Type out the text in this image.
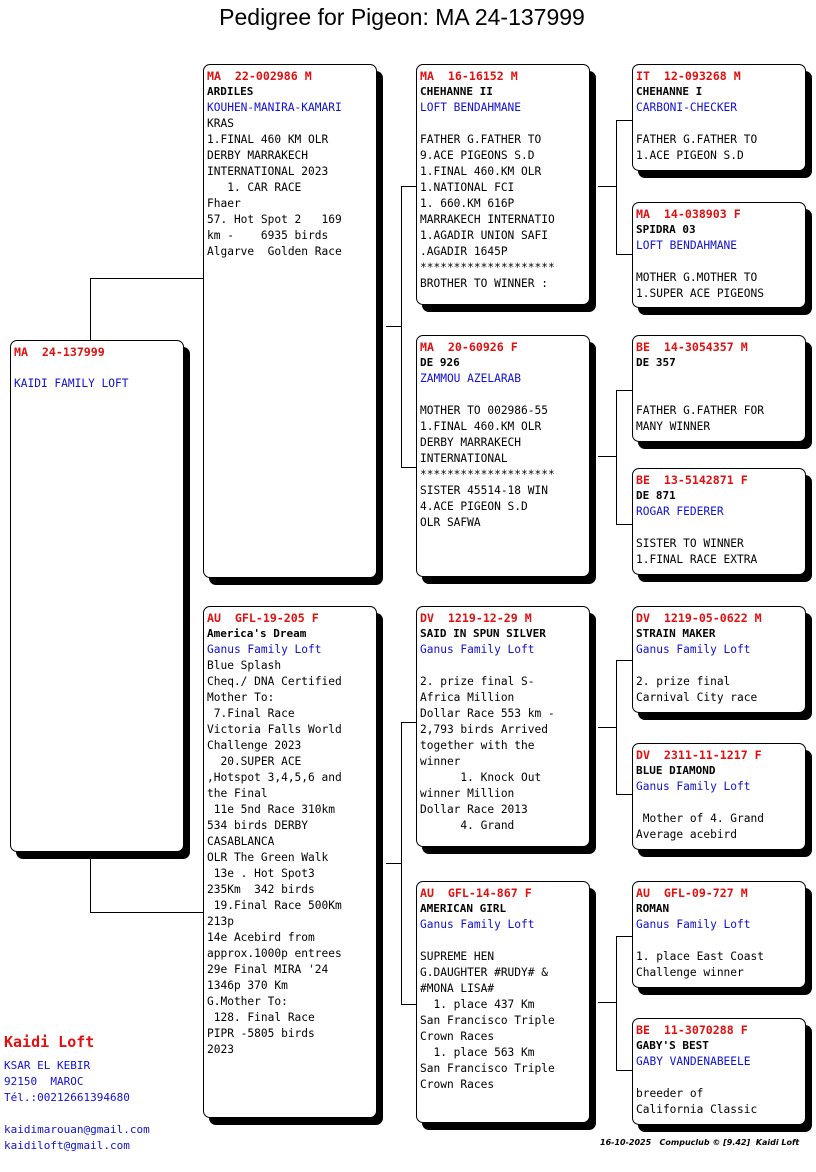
Pedigree for Pigeon: MA 24-137999
MA  24-137999
KAIDI FAMILY LOFT
MA  22-002986 M
ARDILES
KOUHEN-MANIRA-KAMARI
KRAS
1.FINAL 460 KM OLR
DERBY MARRAKECH
INTERNATIONAL 2023
1. CAR RACE
Fhaer
57. Hot Spot 2   169
km -    6935 birds
Algarve  Golden Race
AU  GFL-19-205 F
America's Dream
Ganus Family Loft
Blue Splash
Cheq./ DNA Certified
Mother To:
7.Final Race
Victoria Falls World
Challenge 2023
20.SUPER ACE
,Hotspot 3,4,5,6 and
the Final
11e 5nd Race 310km
534 birds DERBY
CASABLANCA
OLR The Green Walk
13e . Hot Spot3
235Km  342 birds
19.Final Race 500Km
213p
14e Acebird from
approx.1000p entrees
29e Final MIRA '24
1346p 370 Km
G.Mother To:
128. Final Race
PIPR -5805 birds
2023
MA  16-16152 M
CHEHANNE II
LOFT BENDAHMANE
FATHER G.FATHER TO
9.ACE PIGEONS S.D
1.FINAL 460.KM OLR
1.NATIONAL FCI
1. 660.KM 616P
MARRAKECH INTERNATIO
1.AGADIR UNION SAFI
.AGADIR 1645P
********************
BROTHER TO WINNER :
MA  20-60926 F
DE 926
ZAMMOU AZELARAB
MOTHER TO 002986-55
1.FINAL 460.KM OLR
DERBY MARRAKECH
INTERNATIONAL
********************
SISTER 45514-18 WIN
4.ACE PIGEON S.D
OLR SAFWA
DV  1219-12-29 M
SAID IN SPUN SILVER
Ganus Family Loft
2. prize final S-
Africa Million
Dollar Race 553 km -
2,793 birds Arrived
together with the
winner
1. Knock Out
winner Million
Dollar Race 2013
4. Grand
AU  GFL-14-867 F
AMERICAN GIRL
Ganus Family Loft
SUPREME HEN
G.DAUGHTER #RUDY# &
#MONA LISA#
1. place 437 Km
San Francisco Triple
Crown Races
1. place 563 Km
San Francisco Triple
Crown Races
IT  12-093268 M
CHEHANNE I
CARBONI-CHECKER
FATHER G.FATHER TO
1.ACE PIGEON S.D
MA  14-038903 F
SPIDRA 03
LOFT BENDAHMANE
MOTHER G.MOTHER TO
1.SUPER ACE PIGEONS
BE  14-3054357 M
DE 357
FATHER G.FATHER FOR
MANY WINNER
BE  13-5142871 F
DE 871
ROGAR FEDERER
SISTER TO WINNER
1.FINAL RACE EXTRA
DV  1219-05-0622 M
STRAIN MAKER
Ganus Family Loft
2. prize final
Carnival City race
DV  2311-11-1217 F
BLUE DIAMOND
Ganus Family Loft
Mother of 4. Grand
Average acebird
AU  GFL-09-727 M
ROMAN
Ganus Family Loft
1. place East Coast
Challenge winner
BE  11-3070288 F
GABY'S BEST
GABY VANDENABEELE
breeder of
California Classic
Kaidi Loft
KSAR EL KEBIR
92150  MAROC
Tél.:00212661394680
kaidimarouan@gmail.com
kaidiloft@gmail.com	16-10-2025   Compuclub © [9.42]  Kaidi Loft
